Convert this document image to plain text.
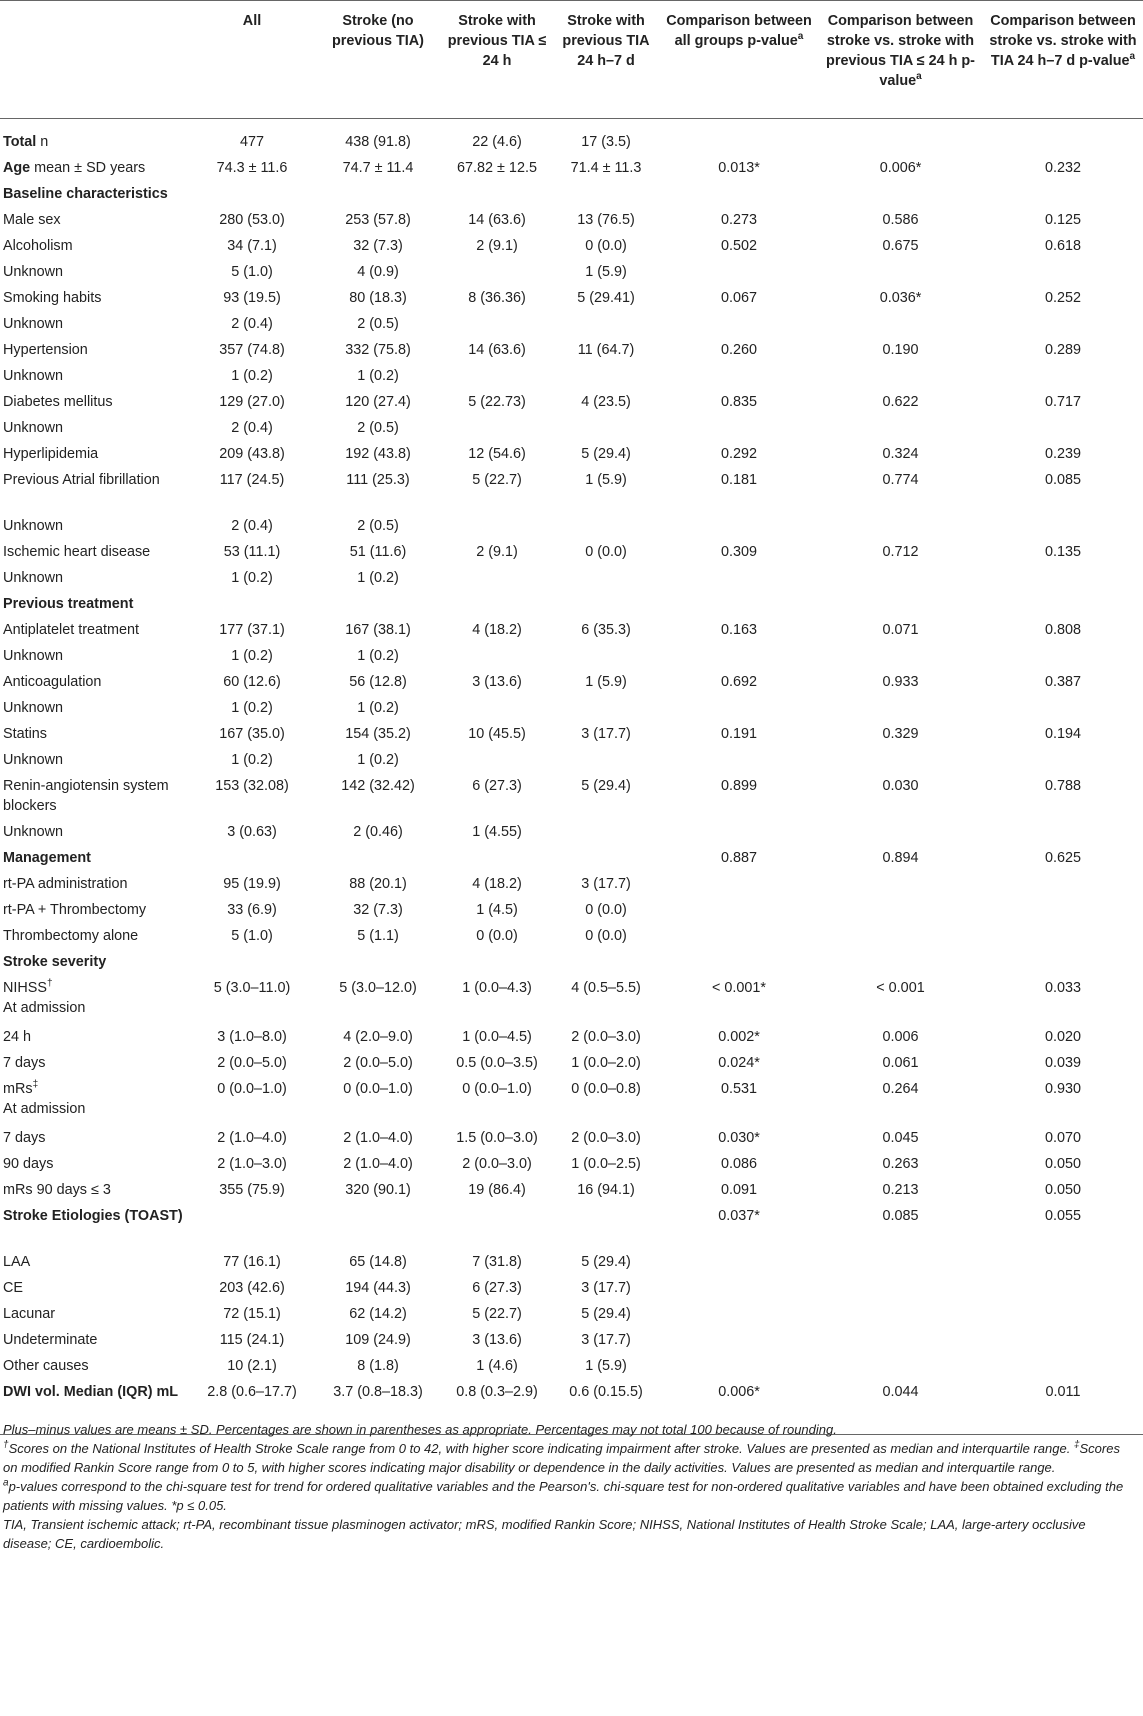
	All	Stroke (no previous TIA)	Stroke with previous TIA ≤ 24 h	Stroke with previous TIA 24 h–7 d	Comparison between all groups p-value$^a$	Comparison between stroke vs. stroke with previous TIA ≤ 24 h p-value$^a$	Comparison between stroke vs. stroke with TIA 24 h–7 d p-value$^a$
Total n	477	438 (91.8)	22 (4.6)	17 (3.5)			
Age mean ± SD years	74.3 ± 11.6	74.7 ± 11.4	67.82 ± 12.5	71.4 ± 11.3	0.013*	0.006*	0.232
Baseline characteristics							
Male sex	280 (53.0)	253 (57.8)	14 (63.6)	13 (76.5)	0.273	0.586	0.125
Alcoholism	34 (7.1)	32 (7.3)	2 (9.1)	0 (0.0)	0.502	0.675	0.618
Unknown	5 (1.0)	4 (0.9)		1 (5.9)			
Smoking habits	93 (19.5)	80 (18.3)	8 (36.36)	5 (29.41)	0.067	0.036*	0.252
Unknown	2 (0.4)	2 (0.5)					
Hypertension	357 (74.8)	332 (75.8)	14 (63.6)	11 (64.7)	0.260	0.190	0.289
Unknown	1 (0.2)	1 (0.2)					
Diabetes mellitus	129 (27.0)	120 (27.4)	5 (22.73)	4 (23.5)	0.835	0.622	0.717
Unknown	2 (0.4)	2 (0.5)					
Hyperlipidemia	209 (43.8)	192 (43.8)	12 (54.6)	5 (29.4)	0.292	0.324	0.239
Previous Atrial fibrillation	117 (24.5)	111 (25.3)	5 (22.7)	1 (5.9)	0.181	0.774	0.085
Unknown	2 (0.4)	2 (0.5)					
Ischemic heart disease	53 (11.1)	51 (11.6)	2 (9.1)	0 (0.0)	0.309	0.712	0.135
Unknown	1 (0.2)	1 (0.2)					
Previous treatment							
Antiplatelet treatment	177 (37.1)	167 (38.1)	4 (18.2)	6 (35.3)	0.163	0.071	0.808
Unknown	1 (0.2)	1 (0.2)					
Anticoagulation	60 (12.6)	56 (12.8)	3 (13.6)	1 (5.9)	0.692	0.933	0.387
Unknown	1 (0.2)	1 (0.2)					
Statins	167 (35.0)	154 (35.2)	10 (45.5)	3 (17.7)	0.191	0.329	0.194
Unknown	1 (0.2)	1 (0.2)					
Renin-angiotensin system blockers	153 (32.08)	142 (32.42)	6 (27.3)	5 (29.4)	0.899	0.030	0.788
Unknown	3 (0.63)	2 (0.46)	1 (4.55)				
Management					0.887	0.894	0.625
rt-PA administration	95 (19.9)	88 (20.1)	4 (18.2)	3 (17.7)			
rt-PA + Thrombectomy	33 (6.9)	32 (7.3)	1 (4.5)	0 (0.0)			
Thrombectomy alone	5 (1.0)	5 (1.1)	0 (0.0)	0 (0.0)			
Stroke severity							
NIHSS†
At admission	5 (3.0–11.0)	5 (3.0–12.0)	1 (0.0–4.3)	4 (0.5–5.5)	< 0.001*	< 0.001	0.033
24 h	3 (1.0–8.0)	4 (2.0–9.0)	1 (0.0–4.5)	2 (0.0–3.0)	0.002*	0.006	0.020
7 days	2 (0.0–5.0)	2 (0.0–5.0)	0.5 (0.0–3.5)	1 (0.0–2.0)	0.024*	0.061	0.039
mRs‡
At admission	0 (0.0–1.0)	0 (0.0–1.0)	0 (0.0–1.0)	0 (0.0–0.8)	0.531	0.264	0.930
7 days	2 (1.0–4.0)	2 (1.0–4.0)	1.5 (0.0–3.0)	2 (0.0–3.0)	0.030*	0.045	0.070
90 days	2 (1.0–3.0)	2 (1.0–4.0)	2 (0.0–3.0)	1 (0.0–2.5)	0.086	0.263	0.050
mRs 90 days ≤ 3	355 (75.9)	320 (90.1)	19 (86.4)	16 (94.1)	0.091	0.213	0.050
Stroke Etiologies (TOAST)					0.037*	0.085	0.055
LAA	77 (16.1)	65 (14.8)	7 (31.8)	5 (29.4)			
CE	203 (42.6)	194 (44.3)	6 (27.3)	3 (17.7)			
Lacunar	72 (15.1)	62 (14.2)	5 (22.7)	5 (29.4)			
Undeterminate	115 (24.1)	109 (24.9)	3 (13.6)	3 (17.7)			
Other causes	10 (2.1)	8 (1.8)	1 (4.6)	1 (5.9)			
DWI vol. Median (IQR) mL	2.8 (0.6–17.7)	3.7 (0.8–18.3)	0.8 (0.3–2.9)	0.6 (0.15.5)	0.006*	0.044	0.011

Plus–minus values are means ± SD. Percentages are shown in parentheses as appropriate. Percentages may not total 100 because of rounding.

†Scores on the National Institutes of Health Stroke Scale range from 0 to 42, with higher score indicating impairment after stroke. Values are presented as median and interquartile range. ‡Scores on modified Rankin Score range from 0 to 5, with higher scores indicating major disability or dependence in the daily activities. Values are presented as median and interquartile range.

$^a$p-values correspond to the chi-square test for trend for ordered qualitative variables and the Pearson's. chi-square test for non-ordered qualitative variables and have been obtained excluding the patients with missing values. *p ≤ 0.05.

TIA, Transient ischemic attack; rt-PA, recombinant tissue plasminogen activator; mRS, modified Rankin Score; NIHSS, National Institutes of Health Stroke Scale; LAA, large-artery occlusive disease; CE, cardioembolic.
